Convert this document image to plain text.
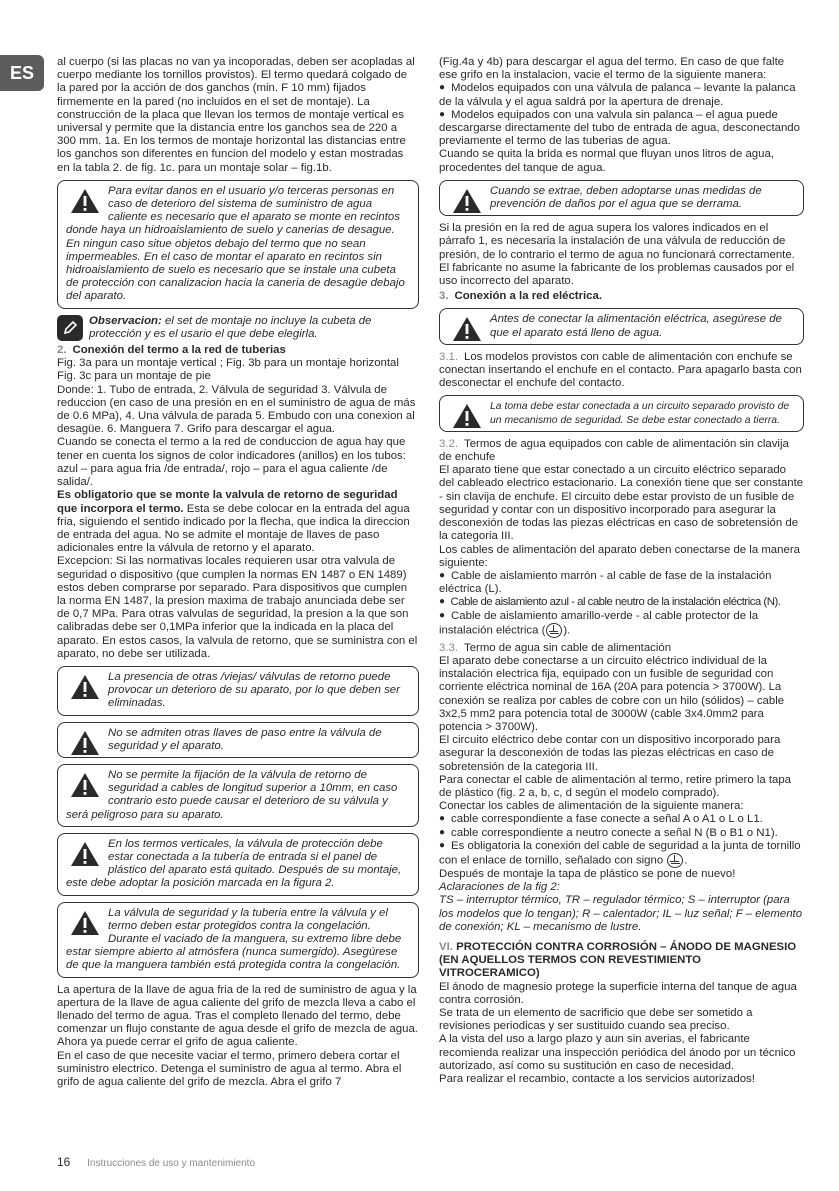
ES

al cuerpo (si las placas no van ya incoporadas, deben ser acopladas al cuerpo mediante los tornillos provistos). El termo quedará colgado de la pared por la acción de dos ganchos (min. F 10 mm) fijados firmemente en la pared (no incluidos en el set de montaje). La construcción de la placa que llevan los termos de montaje vertical es universal y permite que la distancia entre los ganchos sea de 220 a 300 mm. 1a. En los termos de montaje horizontal las distancias entre los ganchos son diferentes en funcion del modelo y estan mostradas en la tabla 2. de fig. 1c. para un montaje solar – fig.1b.

Para evitar danos en el usuario y/o terceras personas en caso de deterioro del sistema de suministro de agua caliente es necesario que el aparato se monte en recintos donde haya un hidroaislamiento de suelo y canerias de desague. En ningun caso situe objetos debajo del termo que no sean impermeables. En el caso de montar el aparato en recintos sin hidroaislamiento de suelo es necesario que se instale una cubeta de protección con canalizacion hacia la caneria de desagüe debajo del aparato.
Observacion: el set de montaje no incluye la cubeta de protección y es el usario el que debe elegirla.

2. Conexión del termo a la red de tuberias

Fig. 3a para un montaje vertical ; Fig. 3b para un montaje horizontal

Fig. 3c para un montaje de pie

Donde: 1. Tubo de entrada, 2. Válvula de seguridad 3. Válvula de reduccion (en caso de una presión en en el suministro de agua de más de 0.6 MPa), 4. Una válvula de parada 5. Embudo con una conexion al desagüe. 6. Manguera 7. Grifo para descargar el agua.

Cuando se conecta el termo a la red de conduccion de agua hay que tener en cuenta los signos de color indicadores (anillos) en los tubos: azul – para agua fria /de entrada/, rojo – para el agua caliente /de salida/.

Es obligatorio que se monte la valvula de retorno de seguridad que incorpora el termo. Esta se debe colocar en la entrada del agua fria, siguiendo el sentido indicado por la flecha, que indica la direccion de entrada del agua. No se admite el montaje de llaves de paso adicionales entre la válvula de retorno y el aparato.

Excepcion: Si las normativas locales requieren usar otra valvula de seguridad o dispositivo (que cumplen la normas EN 1487 o EN 1489) estos deben comprarse por separado. Para dispositivos que cumplen la norma EN 1487, la presion maxima de trabajo anunciada debe ser de 0,7 MPa. Para otras valvulas de seguridad, la presion a la que son calibradas debe ser 0,1MPa inferior que la indicada en la placa del aparato. En estos casos, la valvula de retorno, que se suministra con el aparato, no debe ser utilizada.

La presencia de otras /viejas/ válvulas de retorno puede provocar un deterioro de su aparato, por lo que deben ser eliminadas.
No se admiten otras llaves de paso entre la válvula de seguridad y el aparato.
No se permite la fijación de la válvula de retorno de seguridad a cables de longitud superior a 10mm, en caso contrario esto puede causar el deterioro de su válvula y será peligroso para su aparato.
En los termos verticales, la válvula de protección debe estar conectada a la tubería de entrada si el panel de plástico del aparato está quitado. Después de su montaje, este debe adoptar la posición marcada en la figura 2.
La válvula de seguridad y la tuberia entre la válvula y el termo deben estar protegidos contra la congelación. Durante el vaciado de la manguera, su extremo libre debe estar siempre abierto al atmósfera (nunca sumergido). Asegúrese de que la manguera también está protegida contra la congelación.

La apertura de la llave de agua fria de la red de suministro de agua y la apertura de la llave de agua caliente del grifo de mezcla lleva a cabo el llenado del termo de agua. Tras el completo llenado del termo, debe comenzar un flujo constante de agua desde el grifo de mezcla de agua. Ahora ya puede cerrar el grifo de agua caliente.

En el caso de que necesite vaciar el termo, primero debera cortar el suministro electrico. Detenga el suministro de agua al termo. Abra el grifo de agua caliente del grifo de mezcla. Abra el grifo 7

(Fig.4a y 4b) para descargar el agua del termo. En caso de que falte ese grifo en la instalacion, vacie el termo de la siguiente manera:

● Modelos equipados con una válvula de palanca – levante la palanca de la válvula y el agua saldrá por la apertura de drenaje.

● Modelos equipados con una valvula sin palanca – el agua puede descargarse directamente del tubo de entrada de agua, desconectando previamente el termo de las tuberias de agua.

Cuando se quita la brida es normal que fluyan unos litros de agua, procedentes del tanque de agua.

Cuando se extrae, deben adoptarse unas medidas de prevención de daños por el agua que se derrama.

Si la presión en la red de agua supera los valores indicados en el párrafo 1, es necesaria la instalación de una válvula de reducción de presión, de lo contrario el termo de agua no funcionará correctamente. El fabricante no asume la fabricante de los problemas causados por el uso incorrecto del aparato.

3. Conexión a la red eléctrica.

Antes de conectar la alimentación eléctrica, asegúrese de que el aparato está lleno de agua.

3.1. Los modelos provistos con cable de alimentación con enchufe se conectan insertando el enchufe en el contacto. Para apagarlo basta con desconectar el enchufe del contacto.

La toma debe estar conectada a un circuito separado provisto de un mecanismo de seguridad. Se debe estar conectado a tierra.

3.2. Termos de agua equipados con cable de alimentación sin clavija de enchufe

El aparato tiene que estar conectado a un circuito eléctrico separado del cableado electrico estacionario. La conexión tiene que ser constante - sin clavija de enchufe. El circuito debe estar provisto de un fusible de seguridad y contar con un dispositivo incorporado para asegurar la desconexión de todas las piezas eléctricas en caso de sobretensión de la categoria III.

Los cables de alimentación del aparato deben conectarse de la manera siguiente:

● Cable de aislamiento marrón - al cable de fase de la instalación eléctrica (L).

● Cable de aislamiento azul - al cable neutro de la instalación eléctrica (N).

● Cable de aislamiento amarillo-verde - al cable protector de la instalación eléctrica ( ).

3.3. Termo de agua sin cable de alimentación

El aparato debe conectarse a un circuito eléctrico individual de la instalación electrica fija, equipado con un fusible de seguridad con corriente eléctrica nominal de 16A (20A para potencia > 3700W). La conexión se realiza por cables de cobre con un hilo (sólidos) – cable 3x2,5 mm2 para potencia total de 3000W (cable 3x4.0mm2 para potencia > 3700W).

El circuito eléctrico debe contar con un dispositivo incorporado para asegurar la desconexión de todas las piezas eléctricas en caso de sobretensión de la categoria III.

Para conectar el cable de alimentación al termo, retire primero la tapa de plástico (fig. 2 a, b, c, d según el modelo comprado).

Conectar los cables de alimentación de la siguiente manera:

● cable correspondiente a fase conecte a señal A o A1 o L o L1.

● cable correspondiente a neutro conecte a señal N (B o B1 o N1).

● Es obligatoria la conexión del cable de seguridad a la junta de tornillo con el enlace de tornillo, señalado con signo .

Después de montaje la tapa de plástico se pone de nuevo!

Aclaraciones de la fig 2:

TS – interruptor térmico, TR – regulador térmico; S – interruptor (para los modelos que lo tengan); R – calentador; IL – luz señal; F – elemento de conexión; KL – mecanismo de lustre.

VI. PROTECCIÓN CONTRA CORROSIÓN – ÁNODO DE MAGNESIO (EN AQUELLOS TERMOS CON REVESTIMIENTO VITROCERAMICO)

El ánodo de magnesio protege la superficie interna del tanque de agua contra corrosión.

Se trata de un elemento de sacrificio que debe ser sometido a revisiones periodicas y ser sustituido cuando sea preciso.

A la vista del uso a largo plazo y aun sin averias, el fabricante recomienda realizar una inspección periódica del ánodo por un técnico autorizado, así como su sustitución en caso de necesidad.

Para realizar el recambio, contacte a los servicios autorizados!

16 Instrucciones de uso y mantenimiento
